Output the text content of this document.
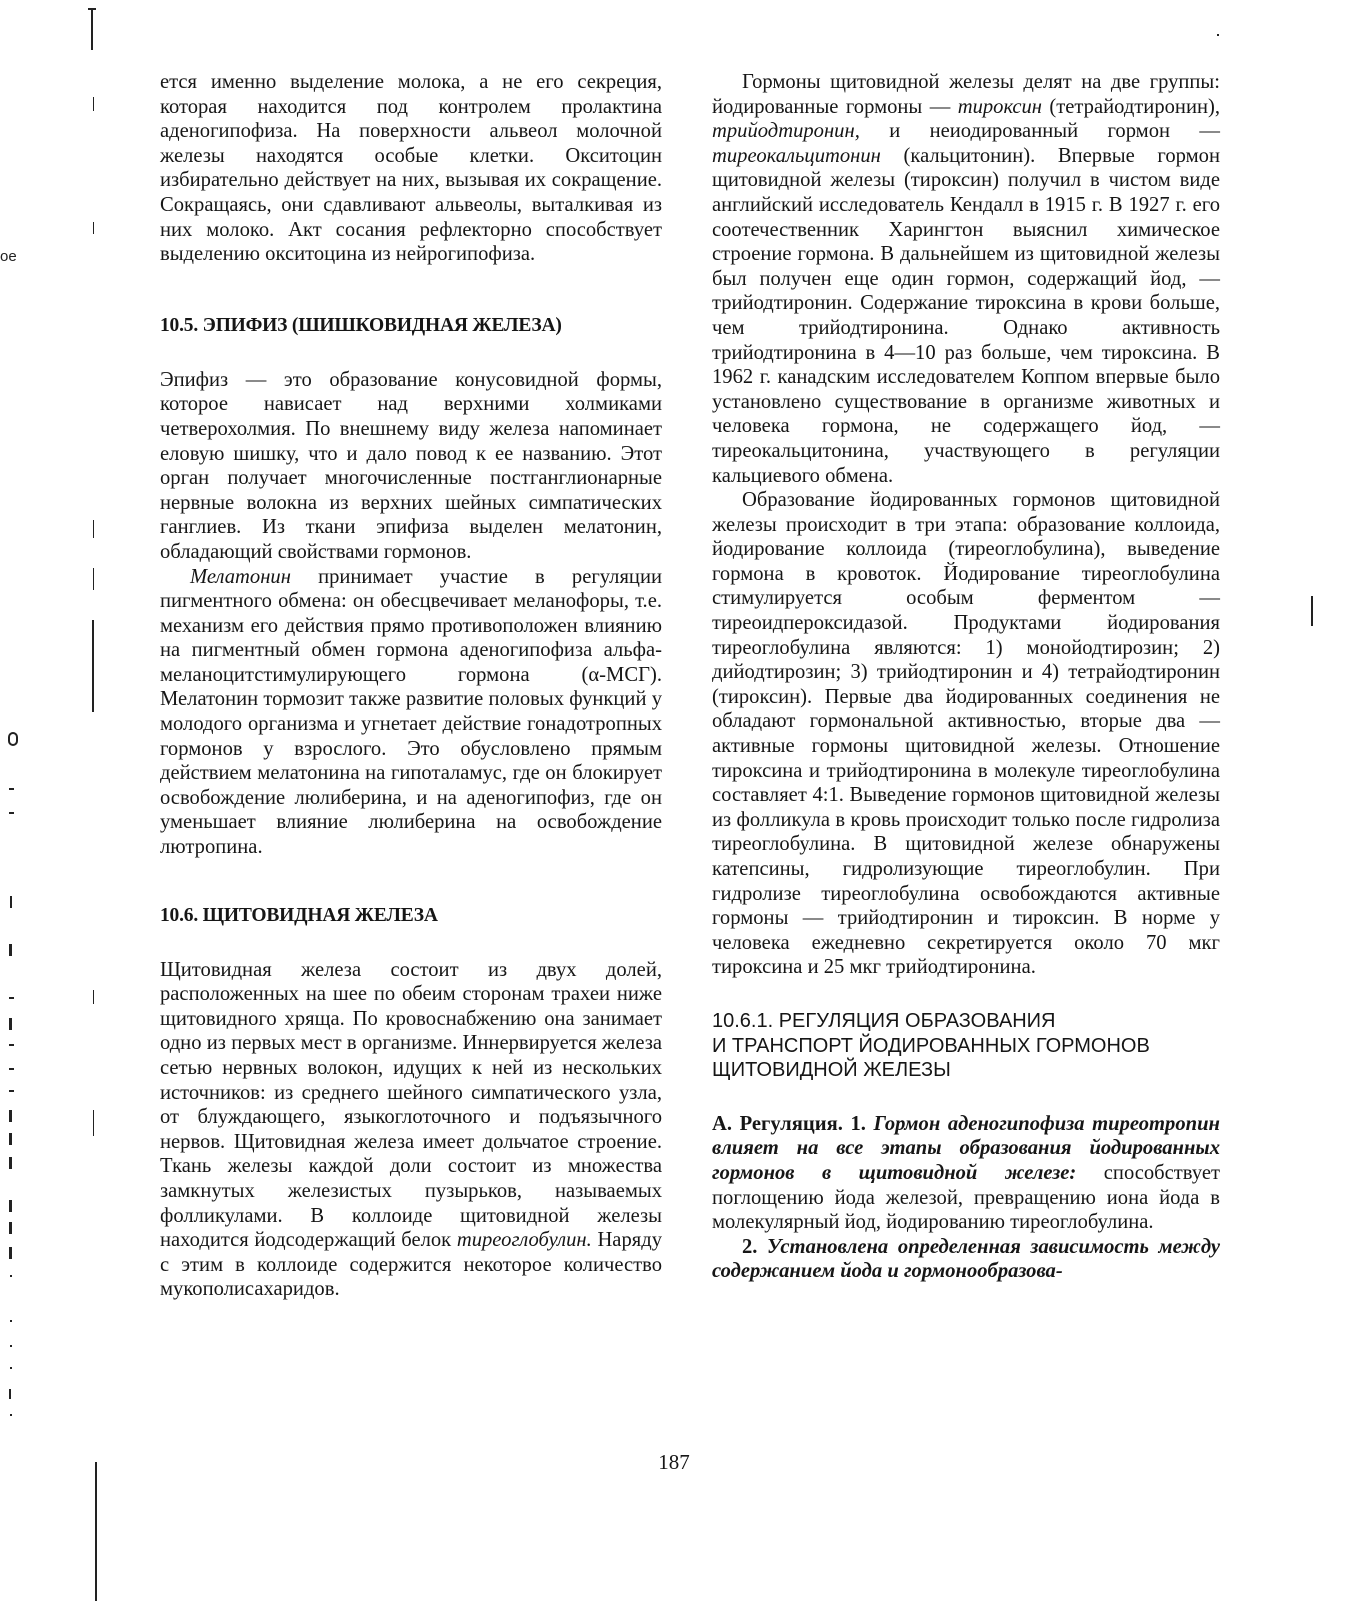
ое

ется именно выделение молока, а не его секреция, которая находится под контролем пролактина аденогипофиза. На поверхности альвеол молочной железы находятся особые клетки. Окситоцин избирательно действует на них, вызывая их сокращение. Сокращаясь, они сдавливают альвеолы, выталкивая из них молоко. Акт сосания рефлекторно способствует выделению окситоцина из нейрогипофиза.

10.5. ЭПИФИЗ (ШИШКОВИДНАЯ ЖЕЛЕЗА)

Эпифиз — это образование конусовидной формы, которое нависает над верхними холмиками четверохолмия. По внешнему виду железа напоминает еловую шишку, что и дало повод к ее названию. Этот орган получает многочисленные постганглионарные нервные волокна из верхних шейных симпатических ганглиев. Из ткани эпифиза выделен мелатонин, обладающий свойствами гормонов.

Мелатонин принимает участие в регуляции пигментного обмена: он обесцвечивает меланофоры, т.е. механизм его действия прямо противоположен влиянию на пигментный обмен гормона аденогипофиза альфа-меланоцитстимулирующего гормона (α-МСГ). Мелатонин тормозит также развитие половых функций у молодого организма и угнетает действие гонадотропных гормонов у взрослого. Это обусловлено прямым действием мелатонина на гипоталамус, где он блокирует освобождение люлиберина, и на аденогипофиз, где он уменьшает влияние люлиберина на освобождение лютропина.

10.6. ЩИТОВИДНАЯ ЖЕЛЕЗА

Щитовидная железа состоит из двух долей, расположенных на шее по обеим сторонам трахеи ниже щитовидного хряща. По кровоснабжению она занимает одно из первых мест в организме. Иннервируется железа сетью нервных волокон, идущих к ней из нескольких источников: из среднего шейного симпатического узла, от блуждающего, языкоглоточного и подъязычного нервов. Щитовидная железа имеет дольчатое строение. Ткань железы каждой доли состоит из множества замкнутых железистых пузырьков, называемых фолликулами. В коллоиде щитовидной железы находится йодсодержащий белок тиреоглобулин. Наряду с этим в коллоиде содержится некоторое количество мукополисахаридов.

Гормоны щитовидной железы делят на две группы: йодированные гормоны — тироксин (тетрайодтиронин), трийодтиронин, и неиодированный гормон — тиреокальцитонин (кальцитонин). Впервые гормон щитовидной железы (тироксин) получил в чистом виде английский исследователь Кендалл в 1915 г. В 1927 г. его соотечественник Харингтон выяснил химическое строение гормона. В дальнейшем из щитовидной железы был получен еще один гормон, содержащий йод, — трийодтиронин. Содержание тироксина в крови больше, чем трийодтиронина. Однако активность трийодтиронина в 4—10 раз больше, чем тироксина. В 1962 г. канадским исследователем Коппом впервые было установлено существование в организме животных и человека гормона, не содержащего йод, — тиреокальцитонина, участвующего в регуляции кальциевого обмена.

Образование йодированных гормонов щитовидной железы происходит в три этапа: образование коллоида, йодирование коллоида (тиреоглобулина), выведение гормона в кровоток. Йодирование тиреоглобулина стимулируется особым ферментом — тиреоидпероксидазой. Продуктами йодирования тиреоглобулина являются: 1) монойодтирозин; 2) дийодтирозин; 3) трийодтиронин и 4) тетрайодтиронин (тироксин). Первые два йодированных соединения не обладают гормональной активностью, вторые два — активные гормоны щитовидной железы. Отношение тироксина и трийодтиронина в молекуле тиреоглобулина составляет 4:1. Выведение гормонов щитовидной железы из фолликула в кровь происходит только после гидролиза тиреоглобулина. В щитовидной железе обнаружены катепсины, гидролизующие тиреоглобулин. При гидролизе тиреоглобулина освобождаются активные гормоны — трийодтиронин и тироксин. В норме у человека ежедневно секретируется около 70 мкг тироксина и 25 мкг трийодтиронина.

10.6.1. РЕГУЛЯЦИЯ ОБРАЗОВАНИЯ

И ТРАНСПОРТ ЙОДИРОВАННЫХ ГОРМОНОВ

ЩИТОВИДНОЙ ЖЕЛЕЗЫ

А. Регуляция. 1. Гормон аденогипофиза тиреотропин влияет на все этапы образования йодированных гормонов в щитовидной железе: способствует поглощению йода железой, превращению иона йода в молекулярный йод, йодированию тиреоглобулина.

2. Установлена определенная зависимость между содержанием йода и гормонообразова-

187
